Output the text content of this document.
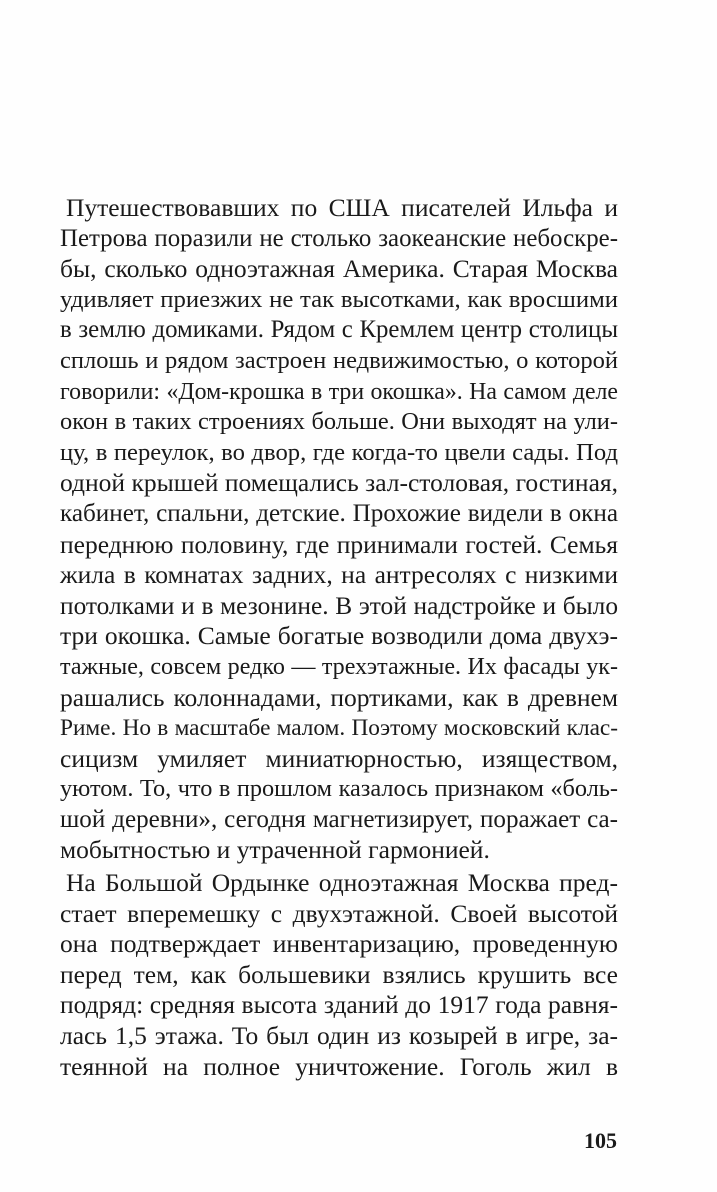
Путешествовавших по США писателей Ильфа и
Петрова поразили не столько заокеанские небоскре-
бы, сколько одноэтажная Америка. Старая Москва
удивляет приезжих не так высотками, как вросшими
в землю домиками. Рядом с Кремлем центр столицы
сплошь и рядом застроен недвижимостью, о которой
говорили: «Дом-крошка в три окошка». На самом деле
окон в таких строениях больше. Они выходят на ули-
цу, в переулок, во двор, где когда-то цвели сады. Под
одной крышей помещались зал-столовая, гостиная,
кабинет, спальни, детские. Прохожие видели в окна
переднюю половину, где принимали гостей. Семья
жила в комнатах задних, на антресолях с низкими
потолками и в мезонине. В этой надстройке и было
три окошка. Самые богатые возводили дома двухэ-
тажные, совсем редко — трехэтажные. Их фасады ук-
рашались колоннадами, портиками, как в древнем
Риме. Но в масштабе малом. Поэтому московский клас-
сицизм умиляет миниатюрностью, изяществом,
уютом. То, что в прошлом казалось признаком «боль-
шой деревни», сегодня магнетизирует, поражает са-
мобытностью и утраченной гармонией.
На Большой Ордынке одноэтажная Москва пред-
стает вперемешку с двухэтажной. Своей высотой
она подтверждает инвентаризацию, проведенную
перед тем, как большевики взялись крушить все
подряд: средняя высота зданий до 1917 года равня-
лась 1,5 этажа. То был один из козырей в игре, за-
теянной на полное уничтожение. Гоголь жил в
105
